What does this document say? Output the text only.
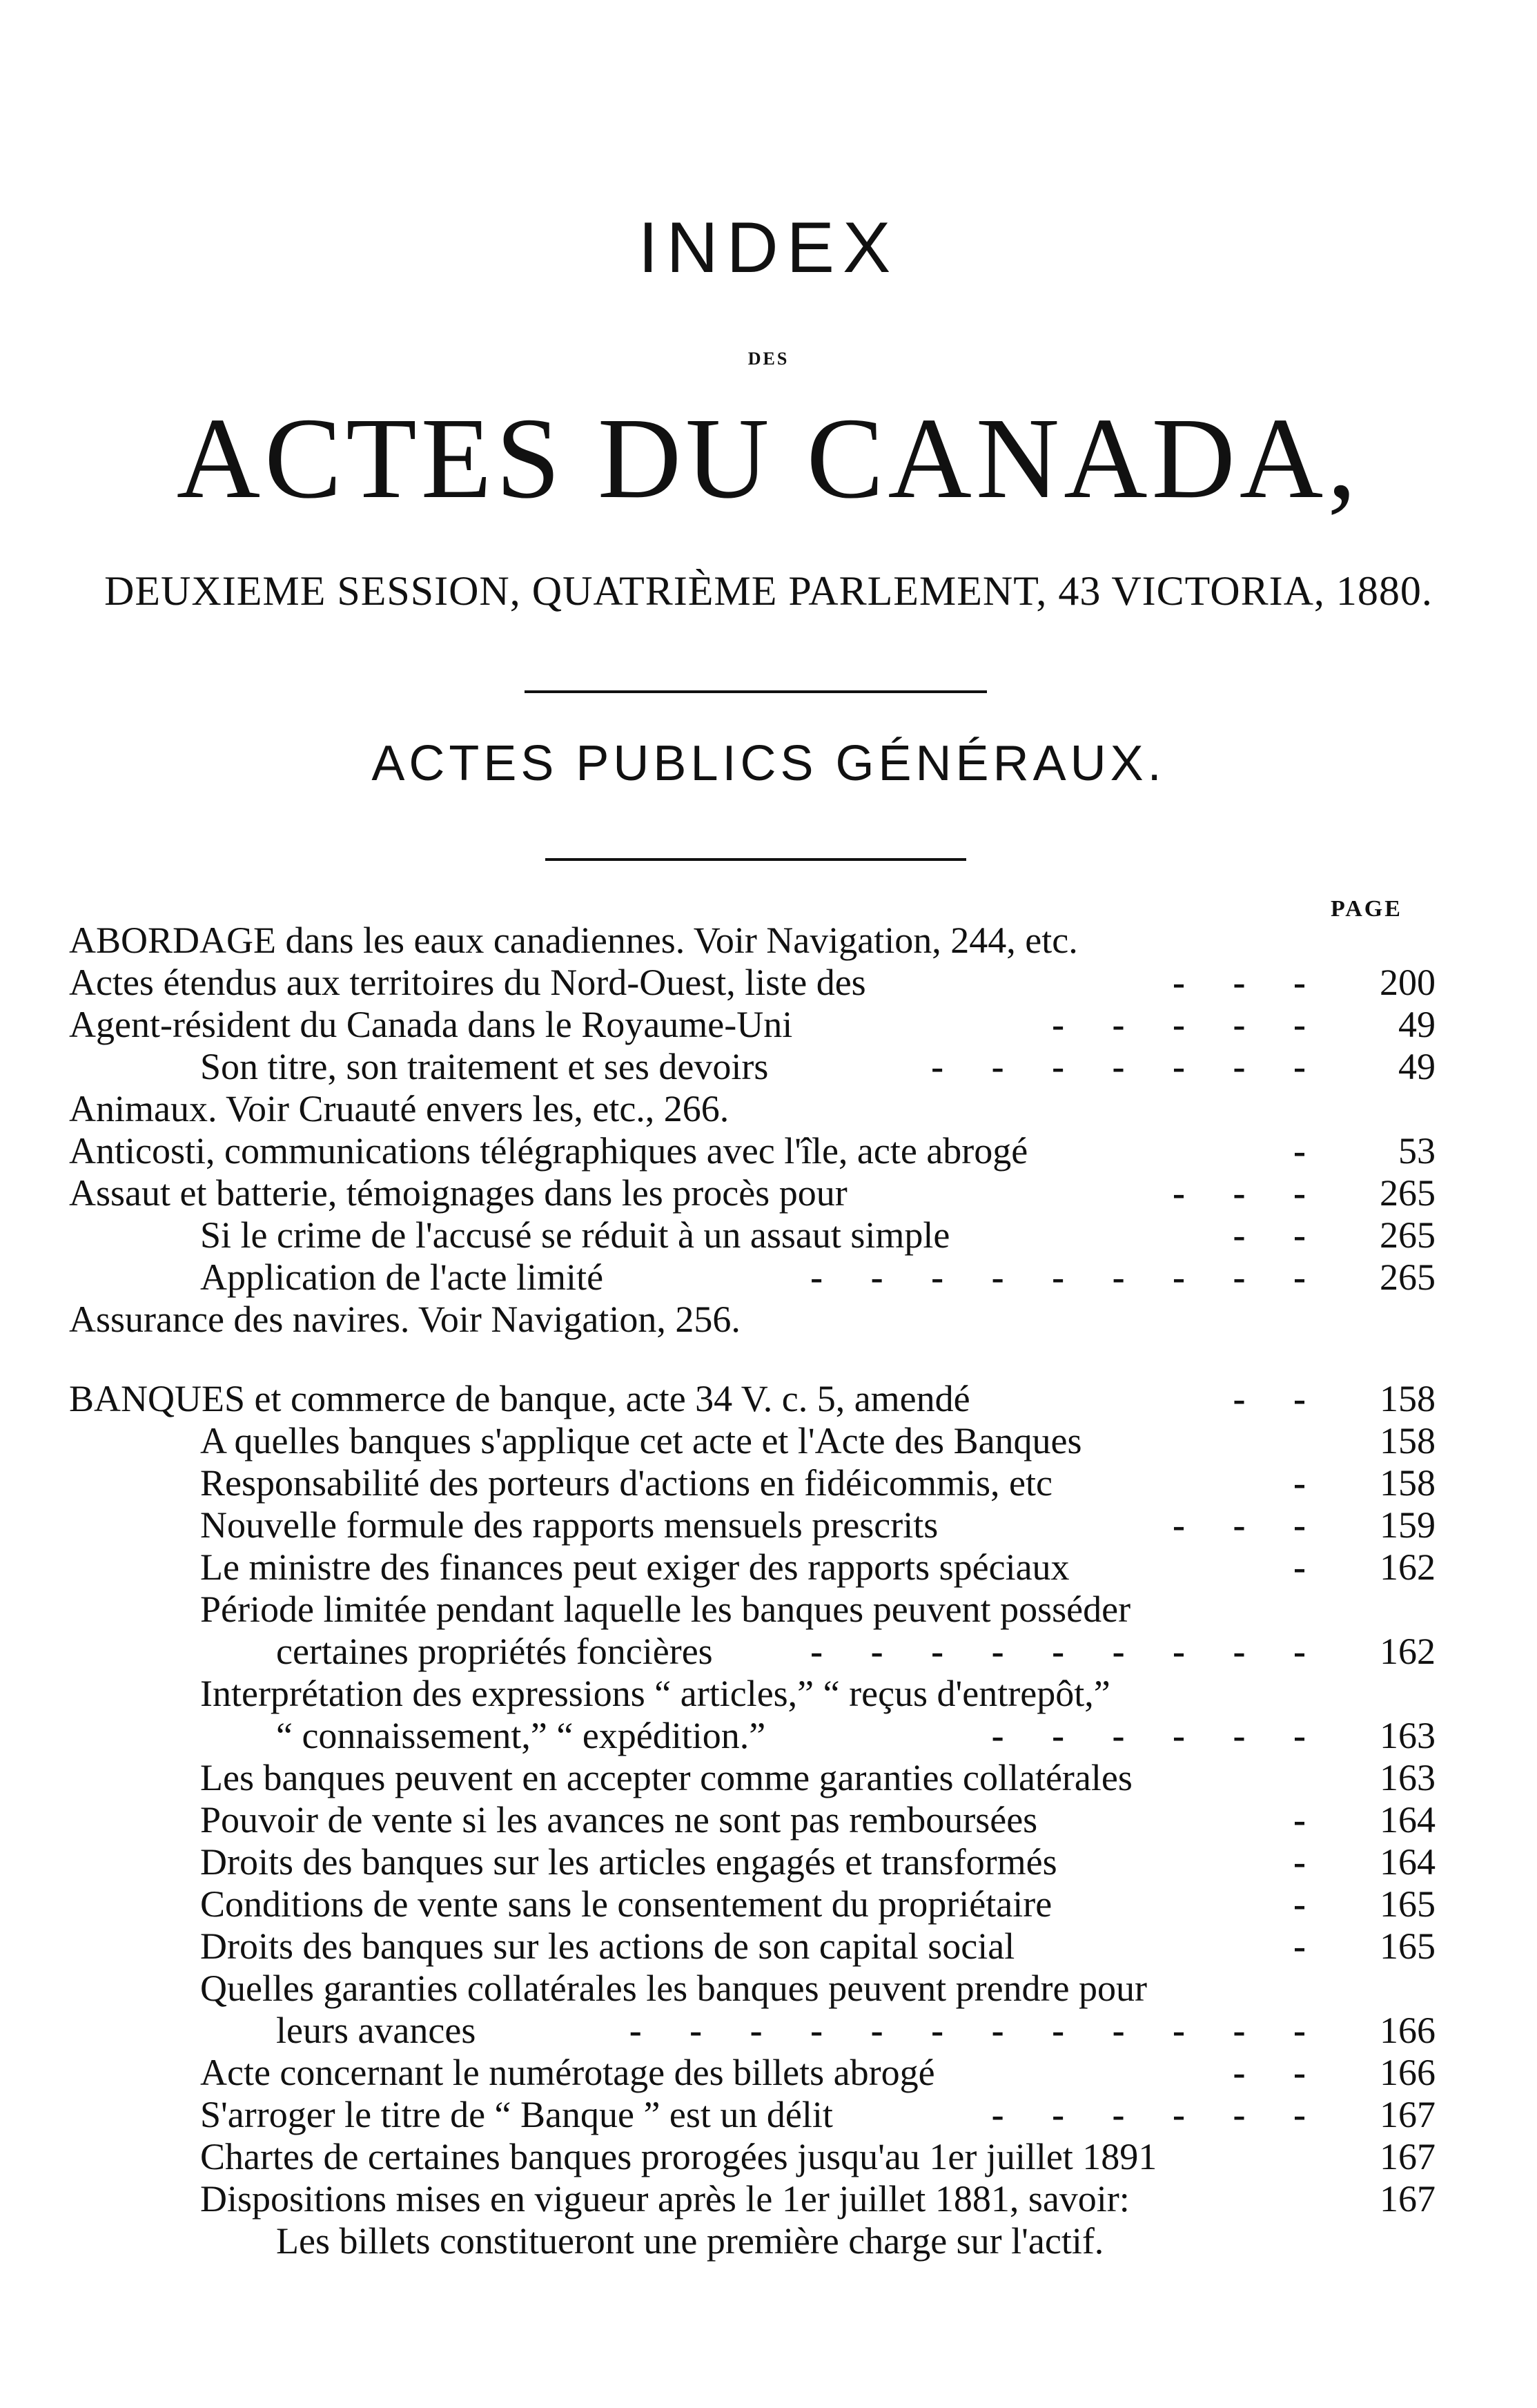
INDEX
DES
ACTES DU CANADA,
DEUXIEME SESSION, QUATRIÈME PARLEMENT, 43 VICTORIA, 1880.
ACTES PUBLICS GÉNÉRAUX.
PAGE
ABORDAGE dans les eaux canadiennes. Voir Navigation, 244, etc.
Actes étendus aux territoires du Nord-Ouest, liste des	- - -	200
Agent-résident du Canada dans le Royaume-Uni	- - - - -	49
Son titre, son traitement et ses devoirs	- - - - - - -	49
Animaux. Voir Cruauté envers les, etc., 266.
Anticosti, communications télégraphiques avec l'île, acte abrogé	-	53
Assaut et batterie, témoignages dans les procès pour	- - -	265
Si le crime de l'accusé se réduit à un assaut simple	- -	265
Application de l'acte limité	- - - - - - - - -	265
Assurance des navires. Voir Navigation, 256.
BANQUES et commerce de banque, acte 34 V. c. 5, amendé	- -	158
A quelles banques s'applique cet acte et l'Acte des Banques	158
Responsabilité des porteurs d'actions en fidéicommis, etc	-	158
Nouvelle formule des rapports mensuels prescrits	- - -	159
Le ministre des finances peut exiger des rapports spéciaux	-	162
Période limitée pendant laquelle les banques peuvent posséder
certaines propriétés foncières	- - - - - - - - -	162
Interprétation des expressions “ articles,” “ reçus d'entrepôt,”
“ connaissement,” “ expédition.”	- - - - - -	163
Les banques peuvent en accepter comme garanties collatérales	163
Pouvoir de vente si les avances ne sont pas remboursées	-	164
Droits des banques sur les articles engagés et transformés	-	164
Conditions de vente sans le consentement du propriétaire	-	165
Droits des banques sur les actions de son capital social	-	165
Quelles garanties collatérales les banques peuvent prendre pour
leurs avances	- - - - - - - - - - - -	166
Acte concernant le numérotage des billets abrogé	- -	166
S'arroger le titre de “ Banque ” est un délit	- - - - - -	167
Chartes de certaines banques prorogées jusqu'au 1er juillet 1891	167
Dispositions mises en vigueur après le 1er juillet 1881, savoir:	167
Les billets constitueront une première charge sur l'actif.
